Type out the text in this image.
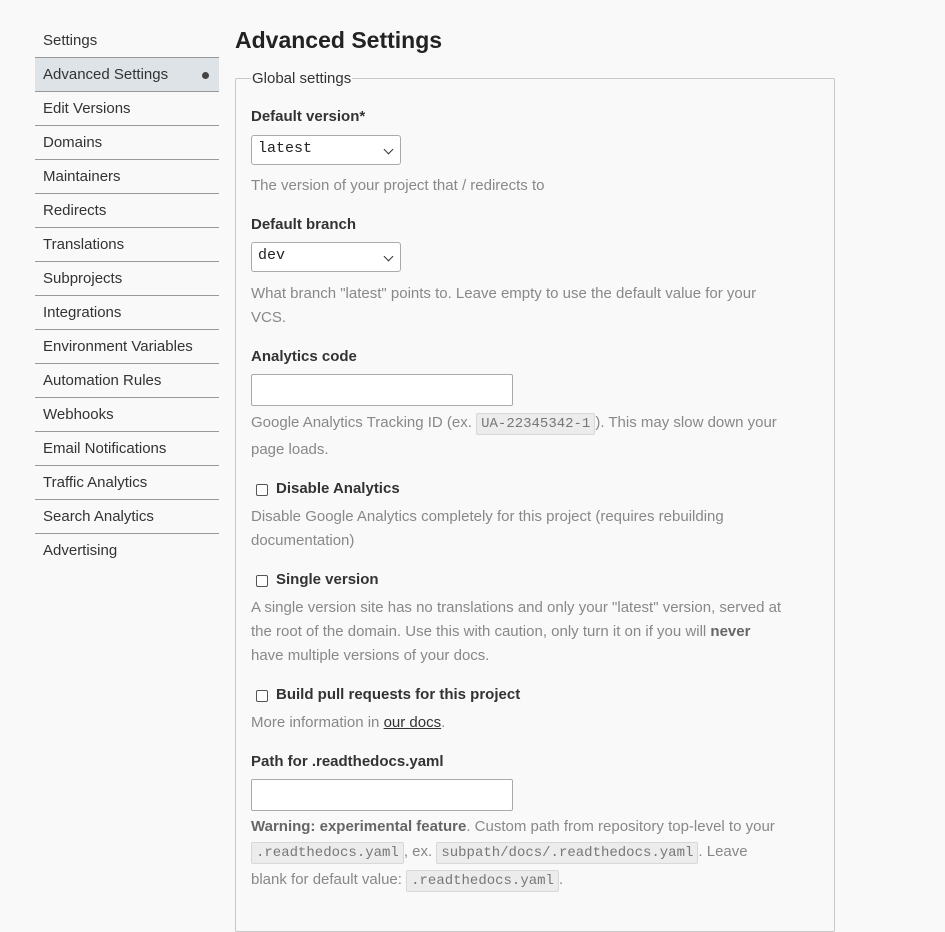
Settings
Advanced Settings
Edit Versions
Domains
Maintainers
Redirects
Translations
Subprojects
Integrations
Environment Variables
Automation Rules
Webhooks
Email Notifications
Traffic Analytics
Search Analytics
Advertising
Advanced Settings
Global settings
Default version*
latest
The version of your project that / redirects to
Default branch
dev
What branch "latest" points to. Leave empty to use the default value for your
VCS.
Analytics code
Google Analytics Tracking ID (ex. UA-22345342-1 ). This may slow down your
page loads.
Disable Analytics
Disable Google Analytics completely for this project (requires rebuilding
documentation)
Single version
A single version site has no translations and only your "latest" version, served at
the root of the domain. Use this with caution, only turn it on if you will never
have multiple versions of your docs.
Build pull requests for this project
More information in our docs.
Path for .readthedocs.yaml
Warning: experimental feature. Custom path from repository top-level to your
.readthedocs.yaml , ex. subpath/docs/.readthedocs.yaml . Leave
blank for default value: .readthedocs.yaml .
